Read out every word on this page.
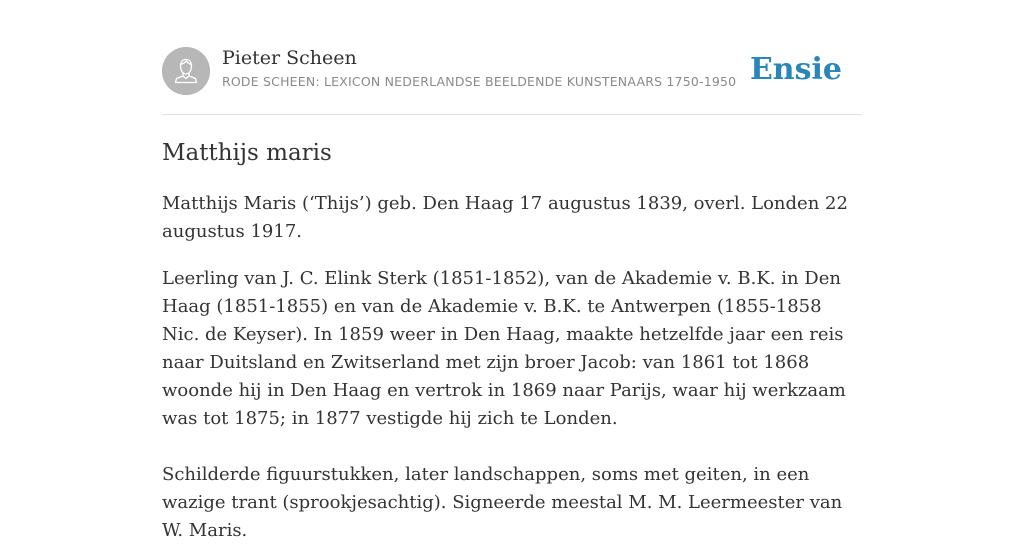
Pieter Scheen
RODE SCHEEN: LEXICON NEDERLANDSE BEELDENDE KUNSTENAARS 1750-1950 Ensie
Matthijs maris

Matthijs Maris (‘Thijs’) geb. Den Haag 17 augustus 1839, overl. Londen 22 augustus 1917.

Leerling van J. C. Elink Sterk (1851-1852), van de Akademie v. B.K. in Den Haag (1851-1855) en van de Akademie v. B.K. te Antwerpen (1855-1858 Nic. de Keyser). In 1859 weer in Den Haag, maakte hetzelfde jaar een reis naar Duitsland en Zwitserland met zijn broer Jacob: van 1861 tot 1868 woonde hij in Den Haag en vertrok in 1869 naar Parijs, waar hij werkzaam was tot 1875; in 1877 vestigde hij zich te Londen.

Schilderde figuurstukken, later landschappen, soms met geiten, in een wazige trant (sprookjesachtig). Signeerde meestal M. M. Leermeester van W. Maris.
